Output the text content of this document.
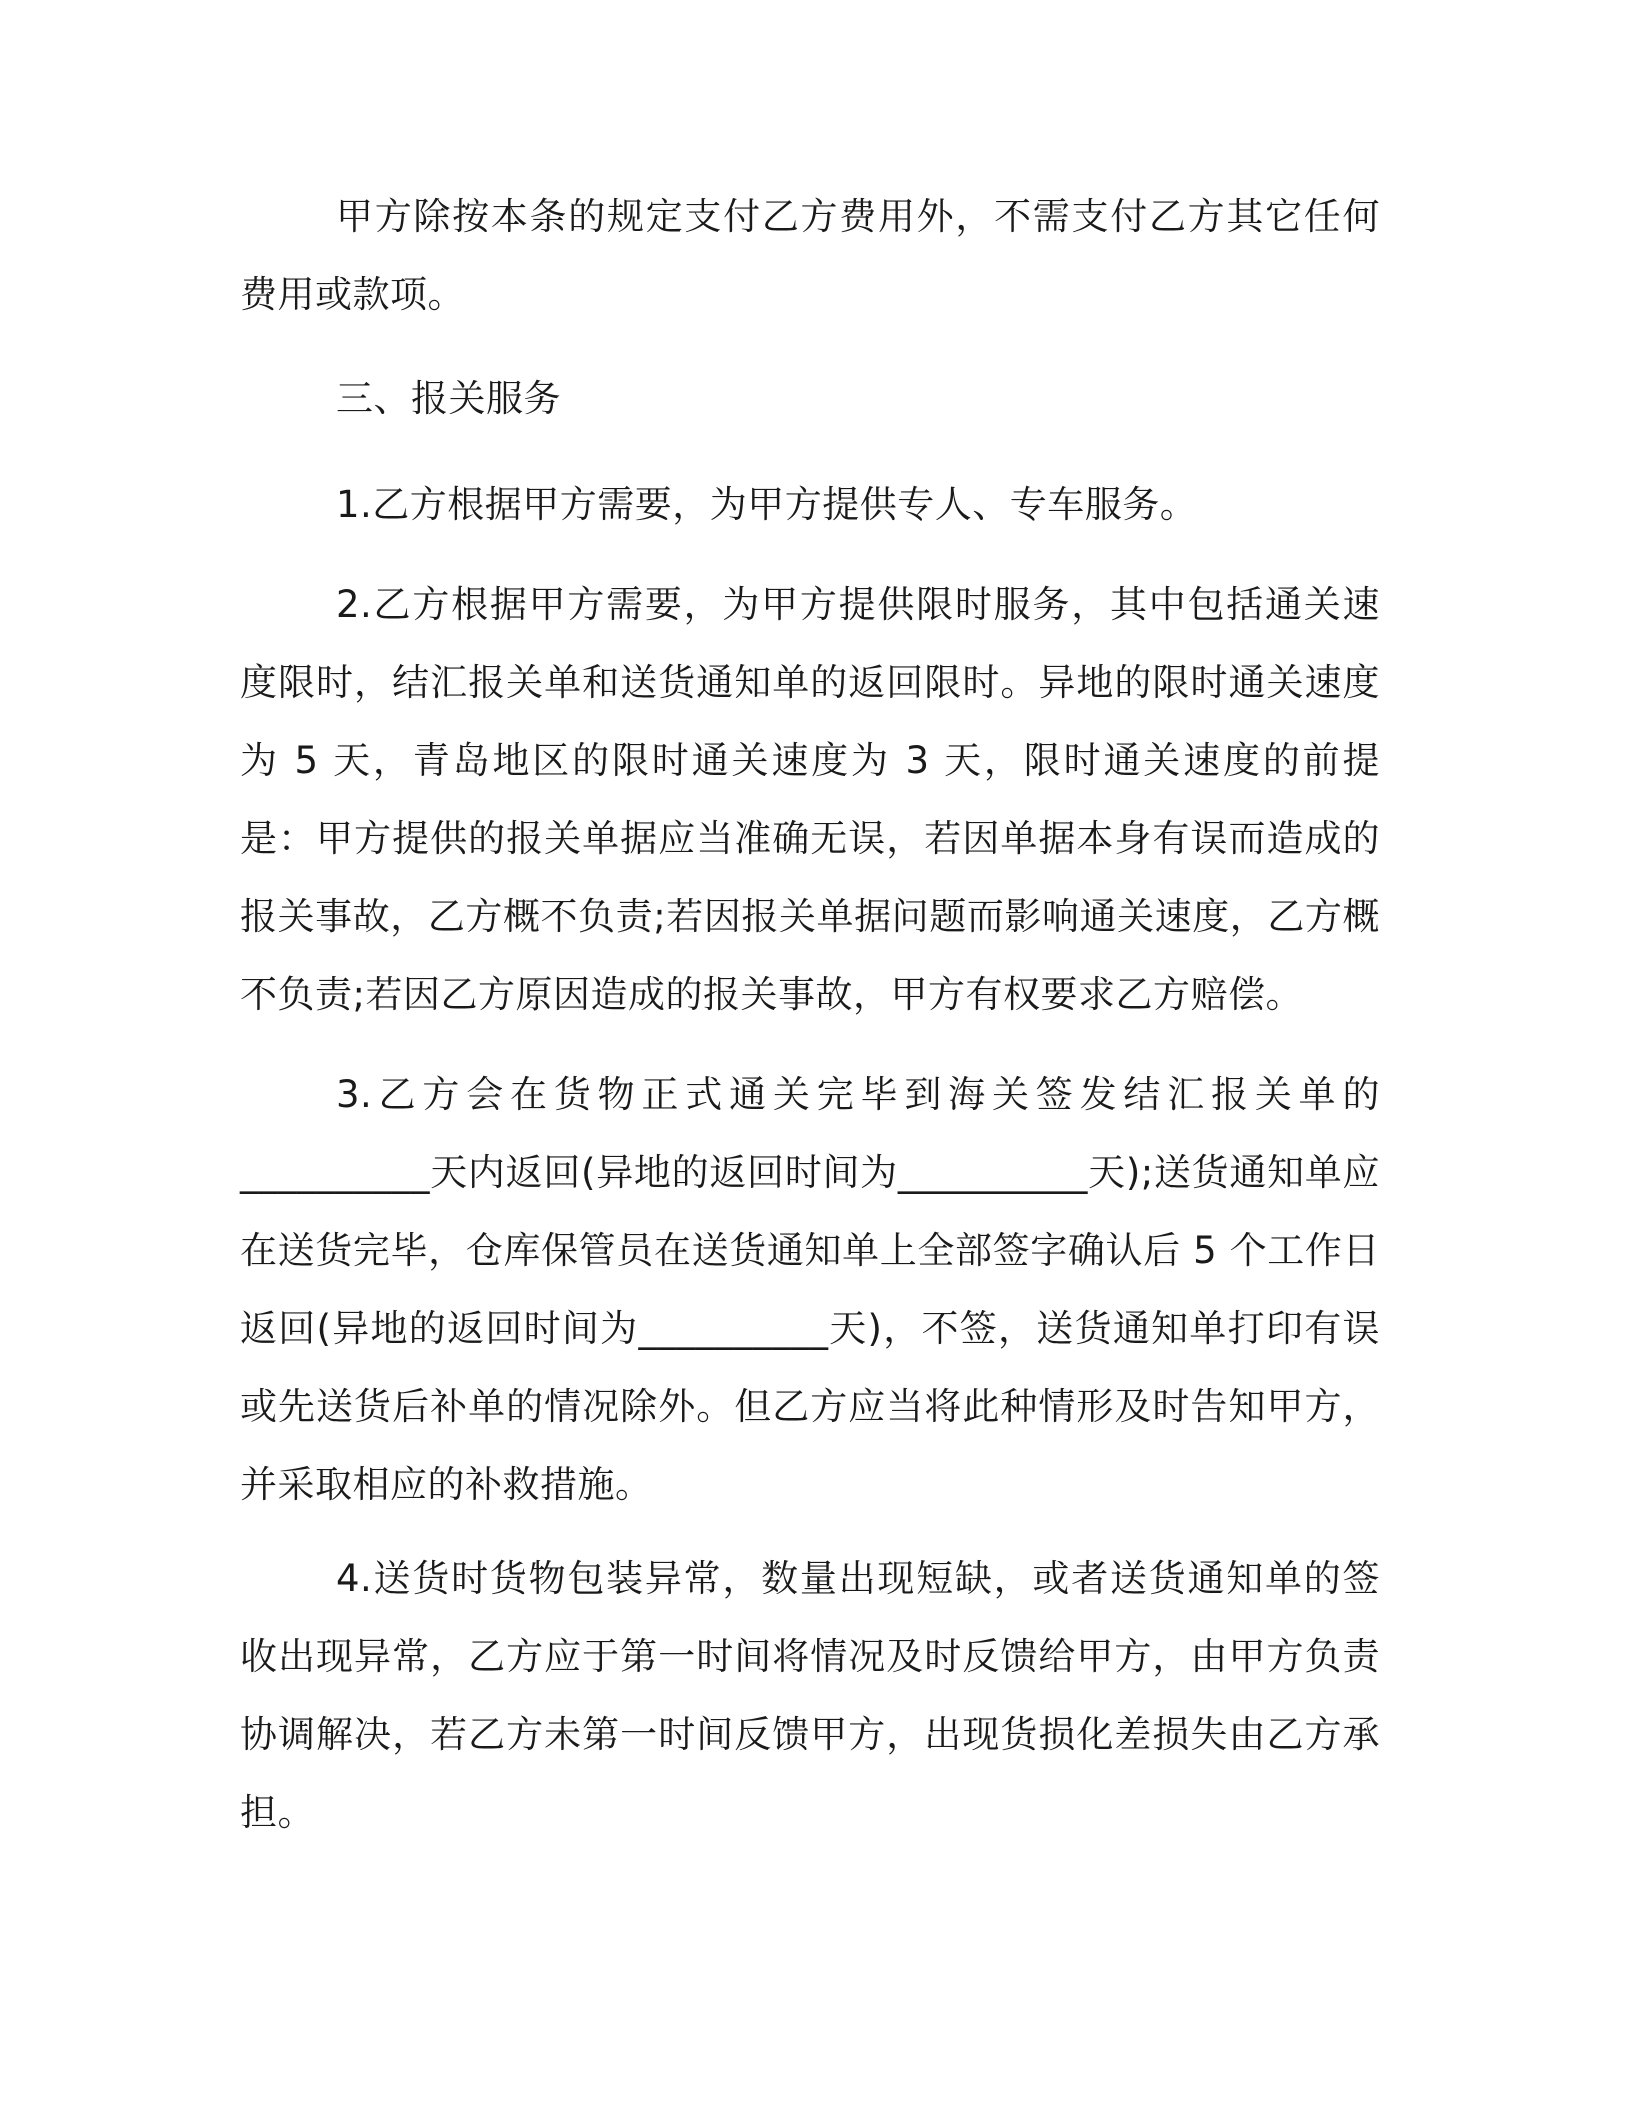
甲方除按本条的规定支付乙方费用外，不需支付乙方其它任何费用或款项。

三、报关服务

1.乙方根据甲方需要，为甲方提供专人、专车服务。

2.乙方根据甲方需要，为甲方提供限时服务，其中包括通关速度限时，结汇报关单和送货通知单的返回限时。异地的限时通关速度为 5 天，青岛地区的限时通关速度为 3 天，限时通关速度的前提是：甲方提供的报关单据应当准确无误，若因单据本身有误而造成的报关事故，乙方概不负责;若因报关单据问题而影响通关速度，乙方概不负责;若因乙方原因造成的报关事故，甲方有权要求乙方赔偿。

3.乙方会在货物正式通关完毕到海关签发结汇报关单的__________天内返回(异地的返回时间为__________天);送货通知单应在送货完毕，仓库保管员在送货通知单上全部签字确认后 5 个工作日返回(异地的返回时间为__________天)，不签，送货通知单打印有误或先送货后补单的情况除外。但乙方应当将此种情形及时告知甲方，并采取相应的补救措施。

4.送货时货物包装异常，数量出现短缺，或者送货通知单的签收出现异常，乙方应于第一时间将情况及时反馈给甲方，由甲方负责协调解决，若乙方未第一时间反馈甲方，出现货损化差损失由乙方承担。
